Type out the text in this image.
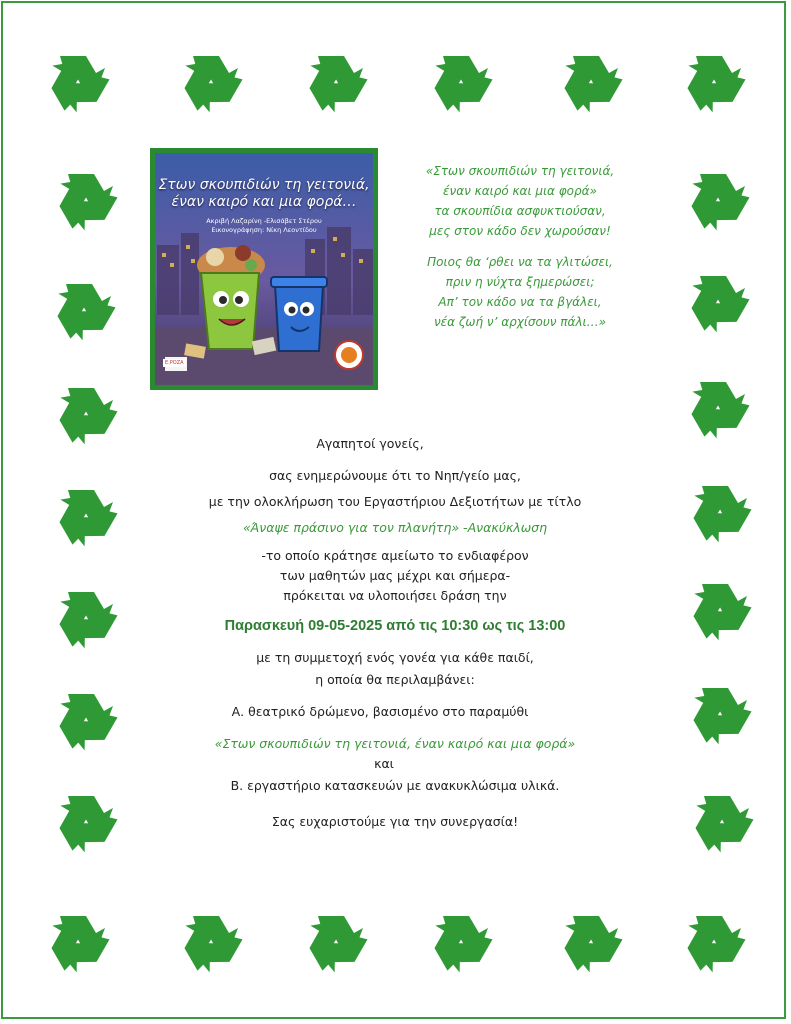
Στων σκουπιδιών τη γειτονιά,
έναν καιρό και μια φορά…
Ακριβή Λαζαρίνη -Ελισάβετ Στέρου
Εικονογράφηση: Νίκη Λεοντίδου
Ε.ΡΟΖΑ
«Στων σκουπιδιών τη γειτονιά,
έναν καιρό και μια φορά»
τα σκουπίδια ασφυκτιούσαν,
μες στον κάδο δεν χωρούσαν!
Ποιος θα ‘ρθει να τα γλιτώσει,
πριν η νύχτα ξημερώσει;
Απ’ τον κάδο να τα βγάλει,
νέα ζωή ν’ αρχίσουν πάλι…»
Αγαπητοί γονείς,
σας ενημερώνουμε ότι το Νηπ/γείο μας,
με την ολοκλήρωση του Εργαστήριου Δεξιοτήτων με τίτλο
«Άναψε πράσινο για τον πλανήτη» -Ανακύκλωση
-το οποίο κράτησε αμείωτο το ενδιαφέρον
των μαθητών μας μέχρι και σήμερα-
πρόκειται να υλοποιήσει δράση την
Παρασκευή 09-05-2025 από τις 10:30 ως τις 13:00
με τη συμμετοχή ενός γονέα για κάθε παιδί,
η οποία θα περιλαμβάνει:
Α. θεατρικό δρώμενο, βασισμένο στο παραμύθι
«Στων σκουπιδιών τη γειτονιά, έναν καιρό και μια φορά»
και
Β. εργαστήριο κατασκευών με ανακυκλώσιμα υλικά.
Σας ευχαριστούμε για την συνεργασία!
